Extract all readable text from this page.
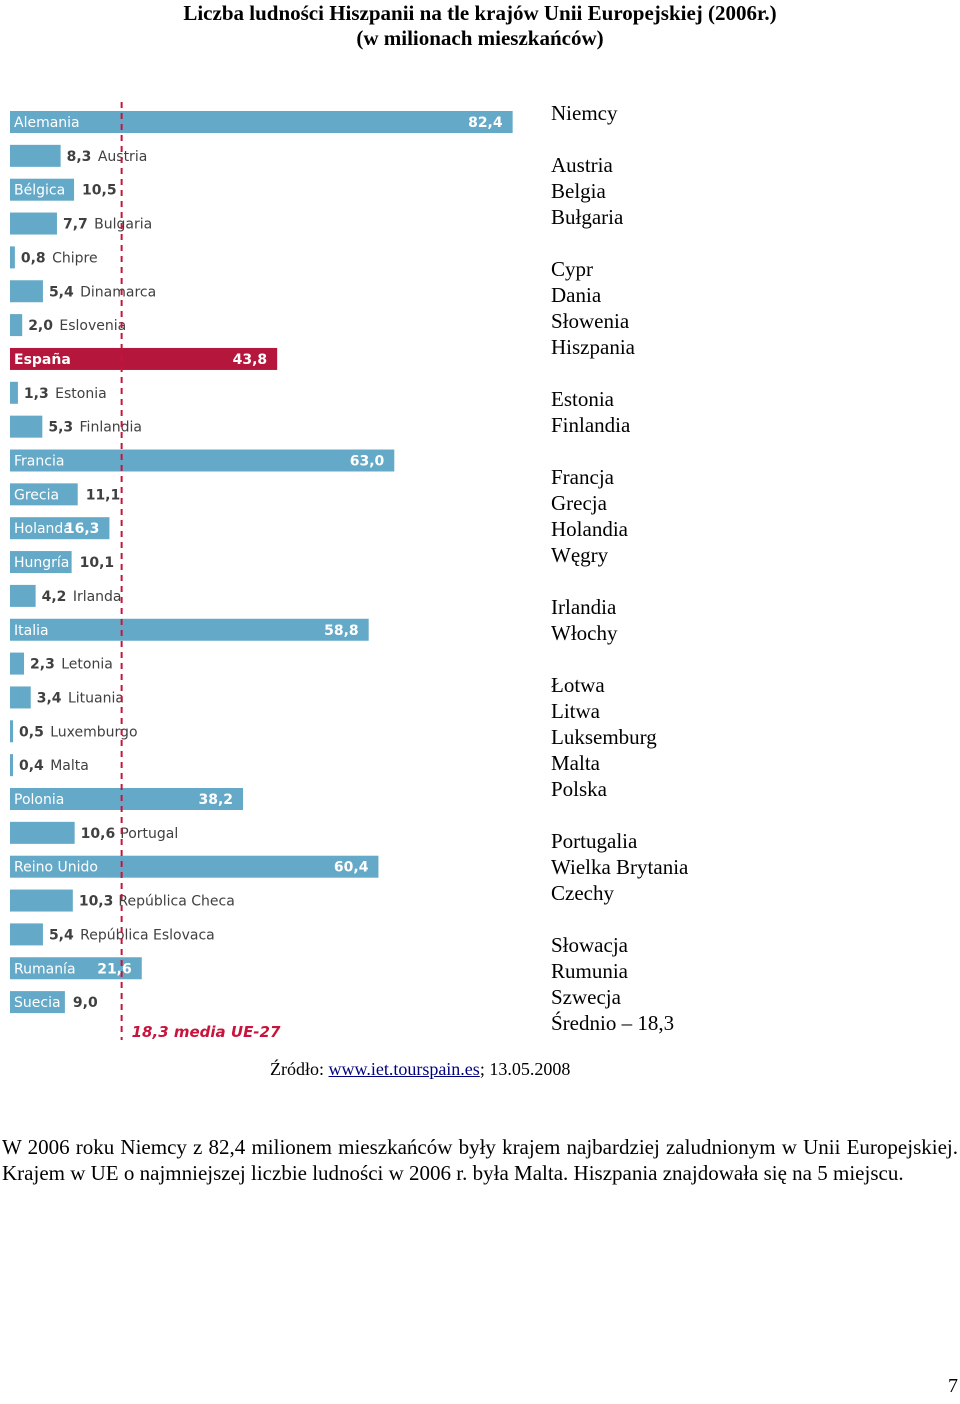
Liczba ludności Hiszpanii na tle krajów Unii Europejskiej (2006r.)
(w milionach mieszkańców)
Alemania	82,4
8,3 Austria
Bélgica 10,5
7,7 Bulgaria
0,8 Chipre
5,4 Dinamarca
2,0 Eslovenia
España	43,8
1,3 Estonia
5,3 Finlandia
Francia	63,0
Grecia 11,1
Holanda
16,3
Hungría 10,1
4,2 Irlanda
Italia	58,8
2,3 Letonia
3,4 Lituania
0,5 Luxemburgo
0,4 Malta
Polonia	38,2
10,6 Portugal
Reino Unido	60,4
10,3 República Checa
5,4 República Eslovaca
Rumanía 21,6
Suecia 9,0
18,3 media UE-27
Niemcy
Austria
Belgia
Bułgaria
Cypr
Dania
Słowenia
Hiszpania
Estonia
Finlandia
Francja
Grecja
Holandia
Węgry
Irlandia
Włochy
Łotwa
Litwa
Luksemburg
Malta
Polska
Portugalia
Wielka Brytania
Czechy
Słowacja
Rumunia
Szwecja
Średnio – 18,3
Źródło: www.iet.tourspain.es; 13.05.2008

W 2006 roku Niemcy z 82,4 milionem mieszkańców były krajem najbardziej zaludnionym w Unii Europejskiej. Krajem w UE o najmniejszej liczbie ludności w 2006 r. była Malta. Hiszpania znajdowała się na 5 miejscu.

7
